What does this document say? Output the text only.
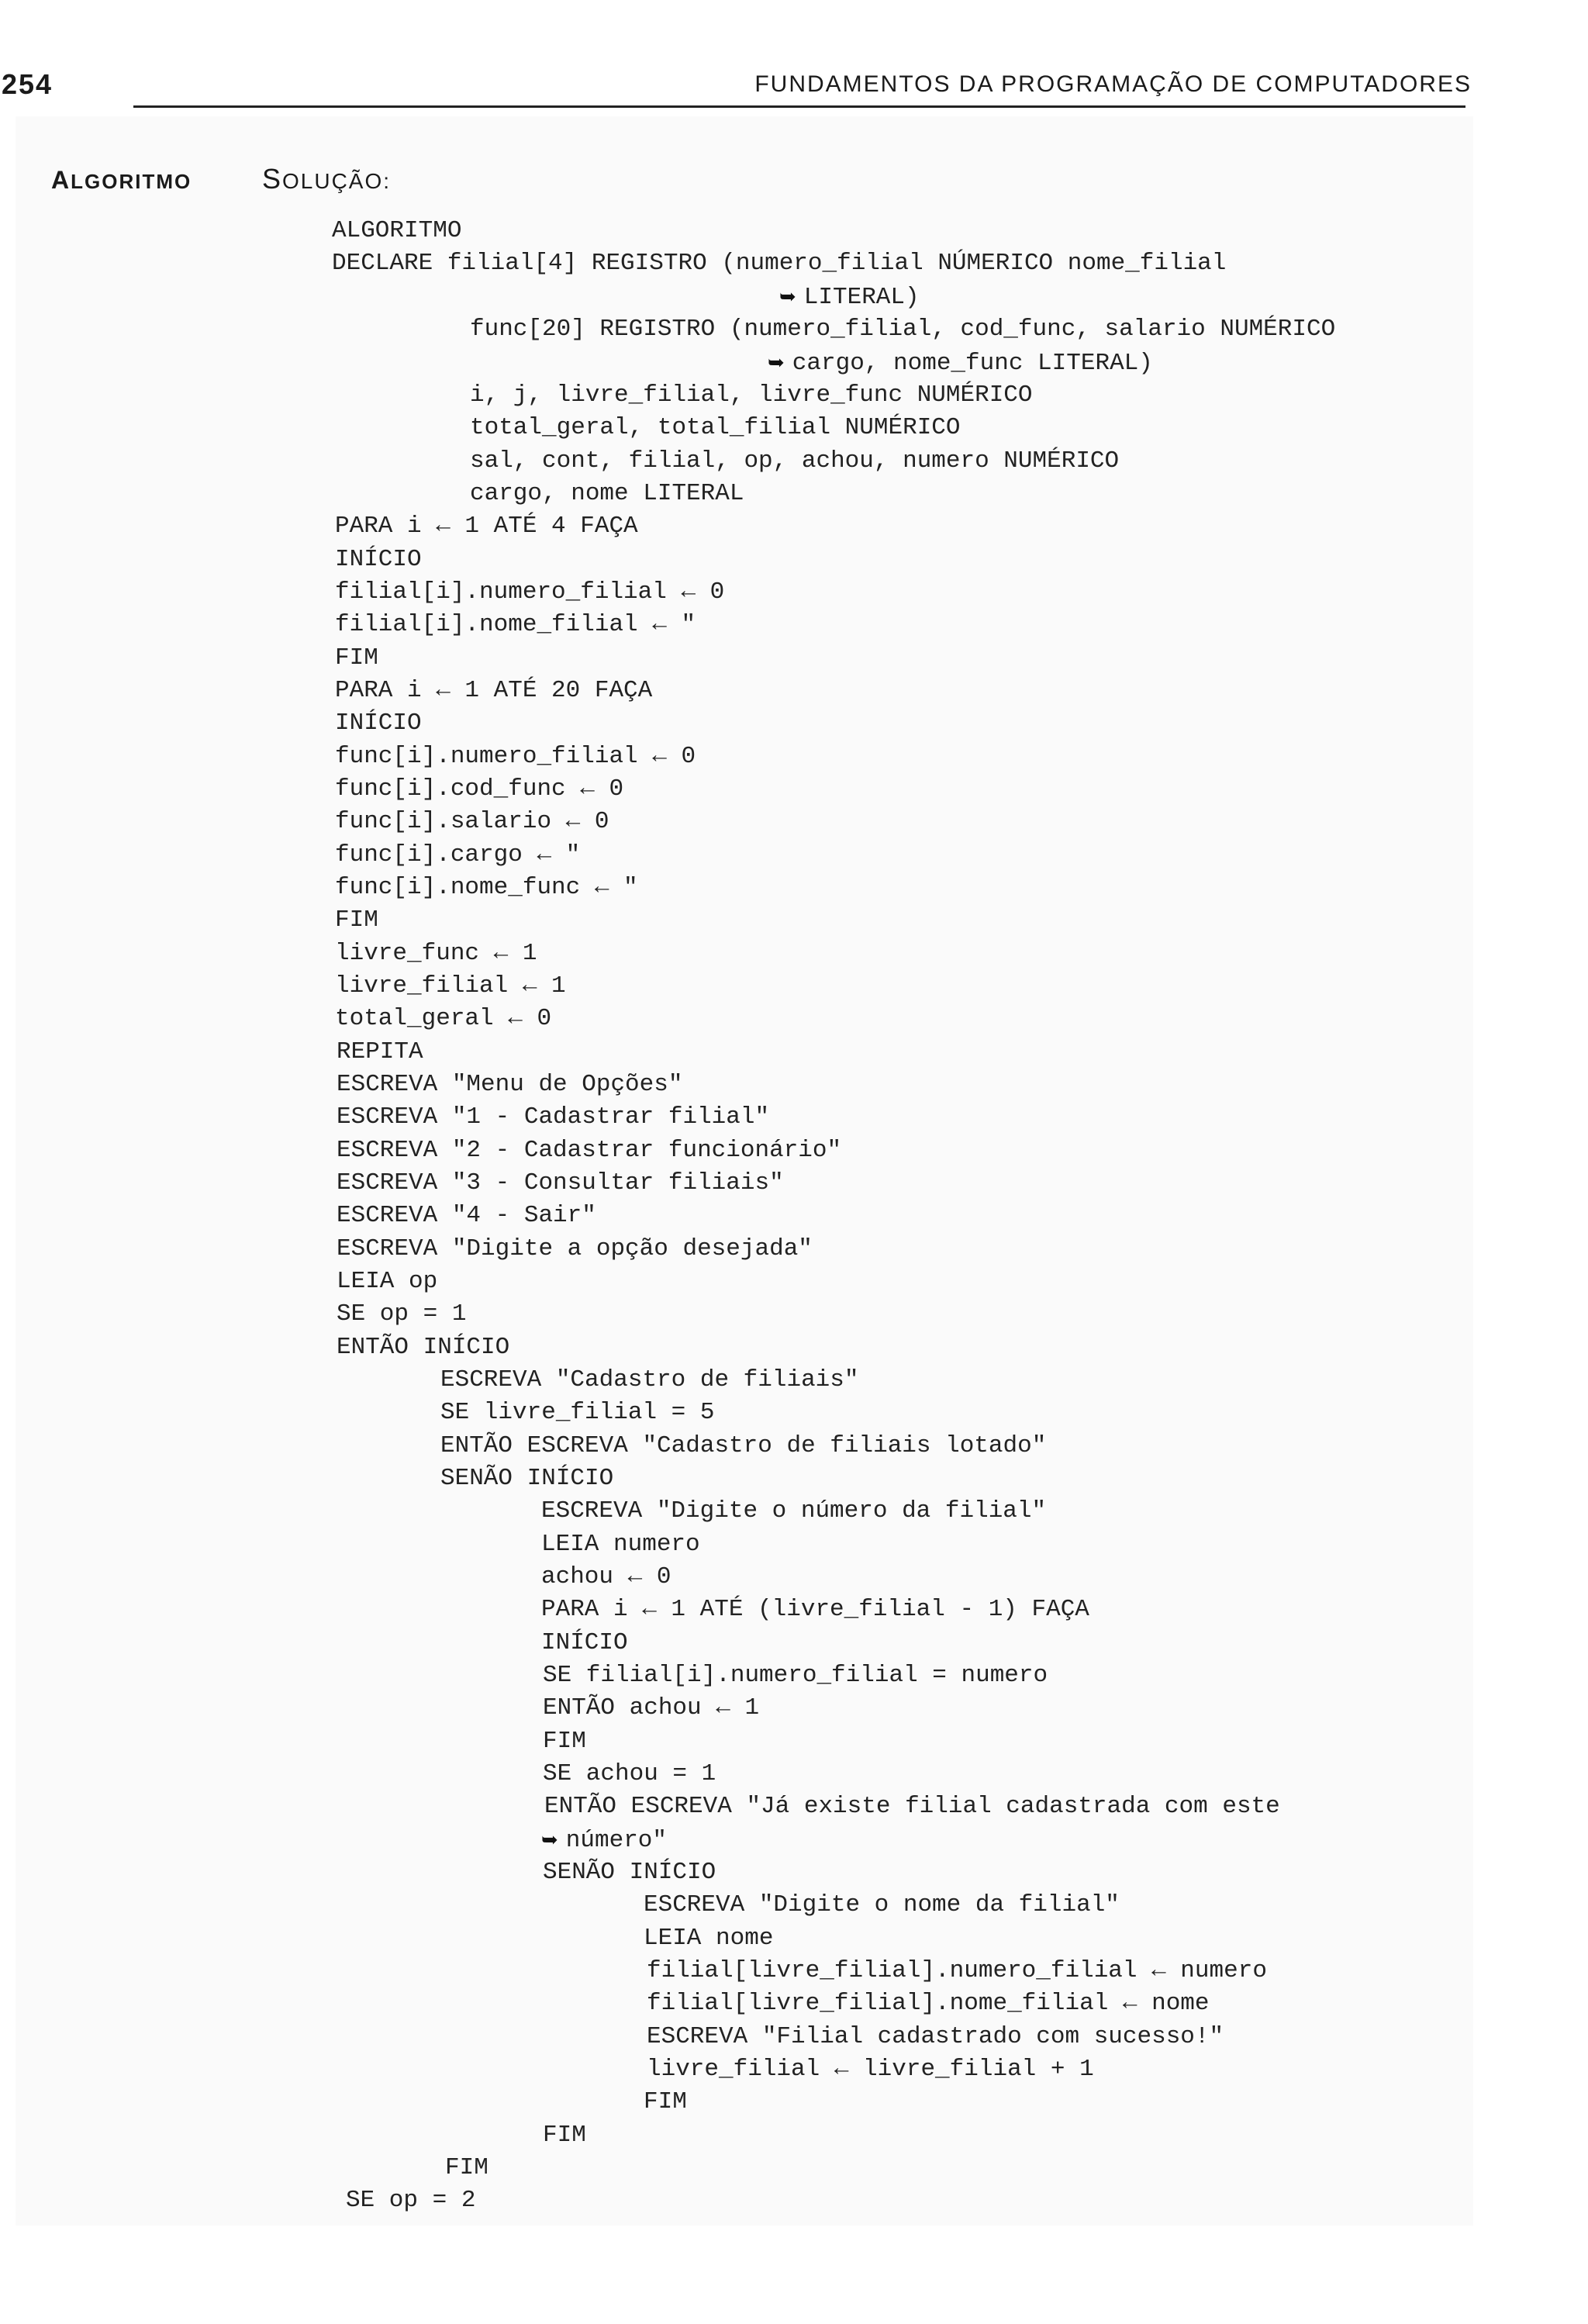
254	FUNDAMENTOS DA PROGRAMAÇÃO DE COMPUTADORES
ALGORITMO	SOLUÇÃO:
ALGORITMO
DECLARE filial[4] REGISTRO (numero_filial NÚMERICO nome_filial
➥ LITERAL)
func[20] REGISTRO (numero_filial, cod_func, salario NUMÉRICO
➥ cargo, nome_func LITERAL)
i, j, livre_filial, livre_func NUMÉRICO
total_geral, total_filial NUMÉRICO
sal, cont, filial, op, achou, numero NUMÉRICO
cargo, nome LITERAL
PARA i ← 1 ATÉ 4 FAÇA
INÍCIO
filial[i].numero_filial ← 0
filial[i].nome_filial ← "
FIM
PARA i ← 1 ATÉ 20 FAÇA
INÍCIO
func[i].numero_filial ← 0
func[i].cod_func ← 0
func[i].salario ← 0
func[i].cargo ← "
func[i].nome_func ← "
FIM
livre_func ← 1
livre_filial ← 1
total_geral ← 0
REPITA
ESCREVA "Menu de Opções"
ESCREVA "1 - Cadastrar filial"
ESCREVA "2 - Cadastrar funcionário"
ESCREVA "3 - Consultar filiais"
ESCREVA "4 - Sair"
ESCREVA "Digite a opção desejada"
LEIA op
SE op = 1
ENTÃO INÍCIO
ESCREVA "Cadastro de filiais"
SE livre_filial = 5
ENTÃO ESCREVA "Cadastro de filiais lotado"
SENÃO INÍCIO
ESCREVA "Digite o número da filial"
LEIA numero
achou ← 0
PARA i ← 1 ATÉ (livre_filial - 1) FAÇA
INÍCIO
SE filial[i].numero_filial = numero
ENTÃO achou ← 1
FIM
SE achou = 1
ENTÃO ESCREVA "Já existe filial cadastrada com este
➥ número"
SENÃO INÍCIO
ESCREVA "Digite o nome da filial"
LEIA nome
filial[livre_filial].numero_filial ← numero
filial[livre_filial].nome_filial ← nome
ESCREVA "Filial cadastrado com sucesso!"
livre_filial ← livre_filial + 1
FIM
FIM
FIM
SE op = 2
